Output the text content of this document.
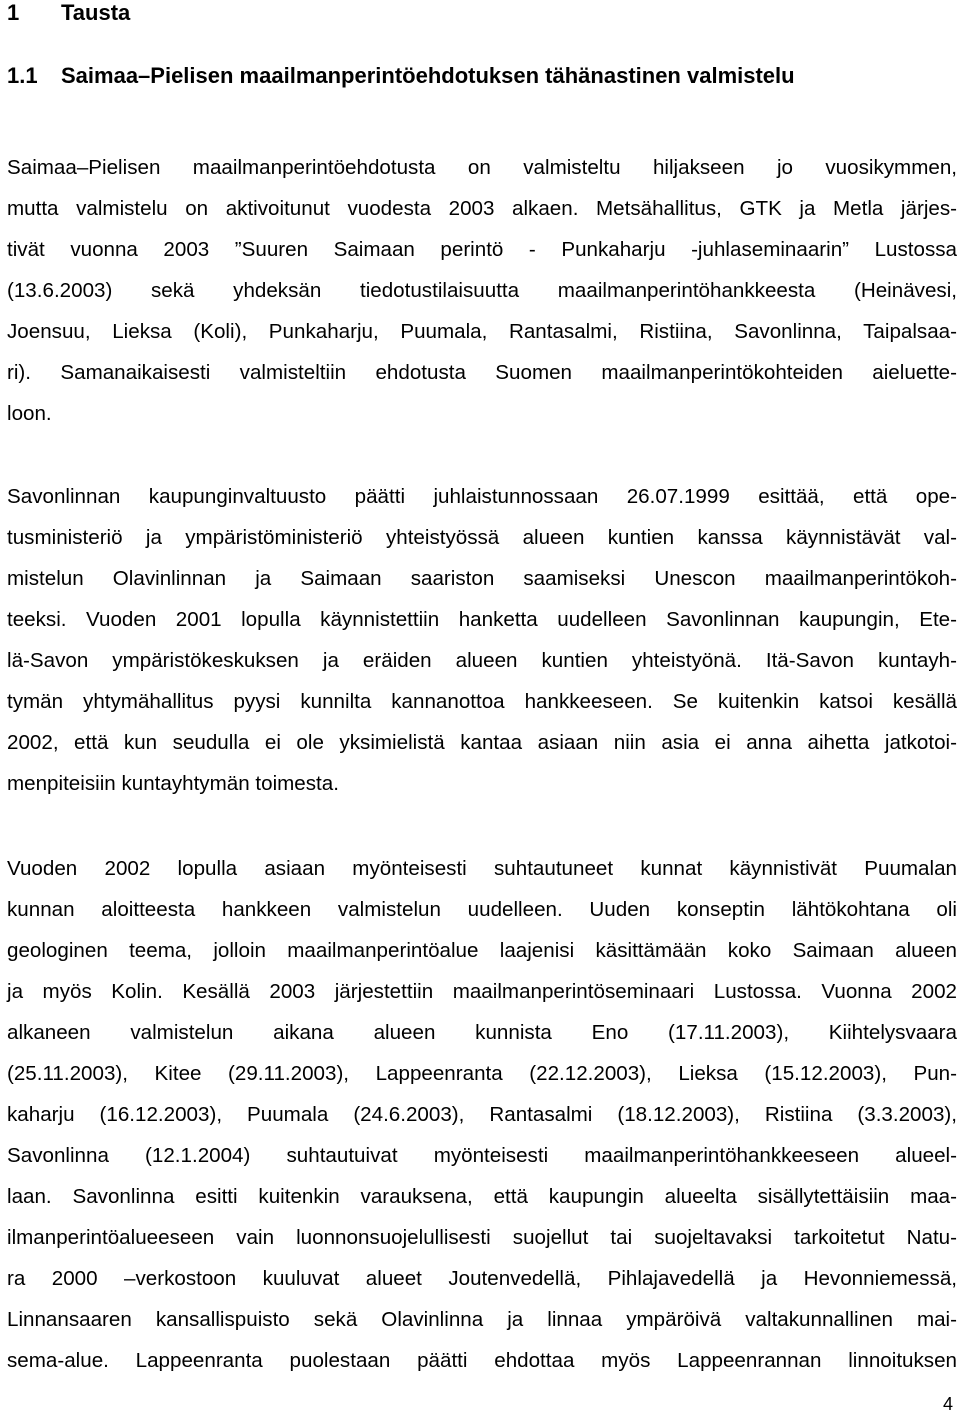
1 Tausta
1.1 Saimaa–Pielisen maailmanperintöehdotuksen tähänastinen valmistelu
Saimaa–Pielisen maailmanperintöehdotusta on valmisteltu hiljakseen jo vuosikymmen,
mutta valmistelu on aktivoitunut vuodesta 2003 alkaen. Metsähallitus, GTK ja Metla järjes-
tivät vuonna 2003 ”Suuren Saimaan perintö - Punkaharju -juhlaseminaarin” Lustossa
(13.6.2003) sekä yhdeksän tiedotustilaisuutta maailmanperintöhankkeesta (Heinävesi,
Joensuu, Lieksa (Koli), Punkaharju, Puumala, Rantasalmi, Ristiina, Savonlinna, Taipalsaa-
ri). Samanaikaisesti valmisteltiin ehdotusta Suomen maailmanperintökohteiden aieluette-
loon.
Savonlinnan kaupunginvaltuusto päätti juhlaistunnossaan 26.07.1999 esittää, että ope-
tusministeriö ja ympäristöministeriö yhteistyössä alueen kuntien kanssa käynnistävät val-
mistelun Olavinlinnan ja Saimaan saariston saamiseksi Unescon maailmanperintökoh-
teeksi. Vuoden 2001 lopulla käynnistettiin hanketta uudelleen Savonlinnan kaupungin, Ete-
lä-Savon ympäristökeskuksen ja eräiden alueen kuntien yhteistyönä. Itä-Savon kuntayh-
tymän yhtymähallitus pyysi kunnilta kannanottoa hankkeeseen. Se kuitenkin katsoi kesällä
2002, että kun seudulla ei ole yksimielistä kantaa asiaan niin asia ei anna aihetta jatkotoi-
menpiteisiin kuntayhtymän toimesta.
Vuoden 2002 lopulla asiaan myönteisesti suhtautuneet kunnat käynnistivät Puumalan
kunnan aloitteesta hankkeen valmistelun uudelleen. Uuden konseptin lähtökohtana oli
geologinen teema, jolloin maailmanperintöalue laajenisi käsittämään koko Saimaan alueen
ja myös Kolin. Kesällä 2003 järjestettiin maailmanperintöseminaari Lustossa. Vuonna 2002
alkaneen valmistelun aikana alueen kunnista Eno (17.11.2003), Kiihtelysvaara
(25.11.2003), Kitee (29.11.2003), Lappeenranta (22.12.2003), Lieksa (15.12.2003), Pun-
kaharju (16.12.2003), Puumala (24.6.2003), Rantasalmi (18.12.2003), Ristiina (3.3.2003),
Savonlinna (12.1.2004) suhtautuivat myönteisesti maailmanperintöhankkeeseen alueel-
laan. Savonlinna esitti kuitenkin varauksena, että kaupungin alueelta sisällytettäisiin maa-
ilmanperintöalueeseen vain luonnonsuojelullisesti suojellut tai suojeltavaksi tarkoitetut Natu-
ra 2000 –verkostoon kuuluvat alueet Joutenvedellä, Pihlajavedellä ja Hevonniemessä,
Linnansaaren kansallispuisto sekä Olavinlinna ja linnaa ympäröivä valtakunnallinen mai-
sema-alue. Lappeenranta puolestaan päätti ehdottaa myös Lappeenrannan linnoituksen
4
